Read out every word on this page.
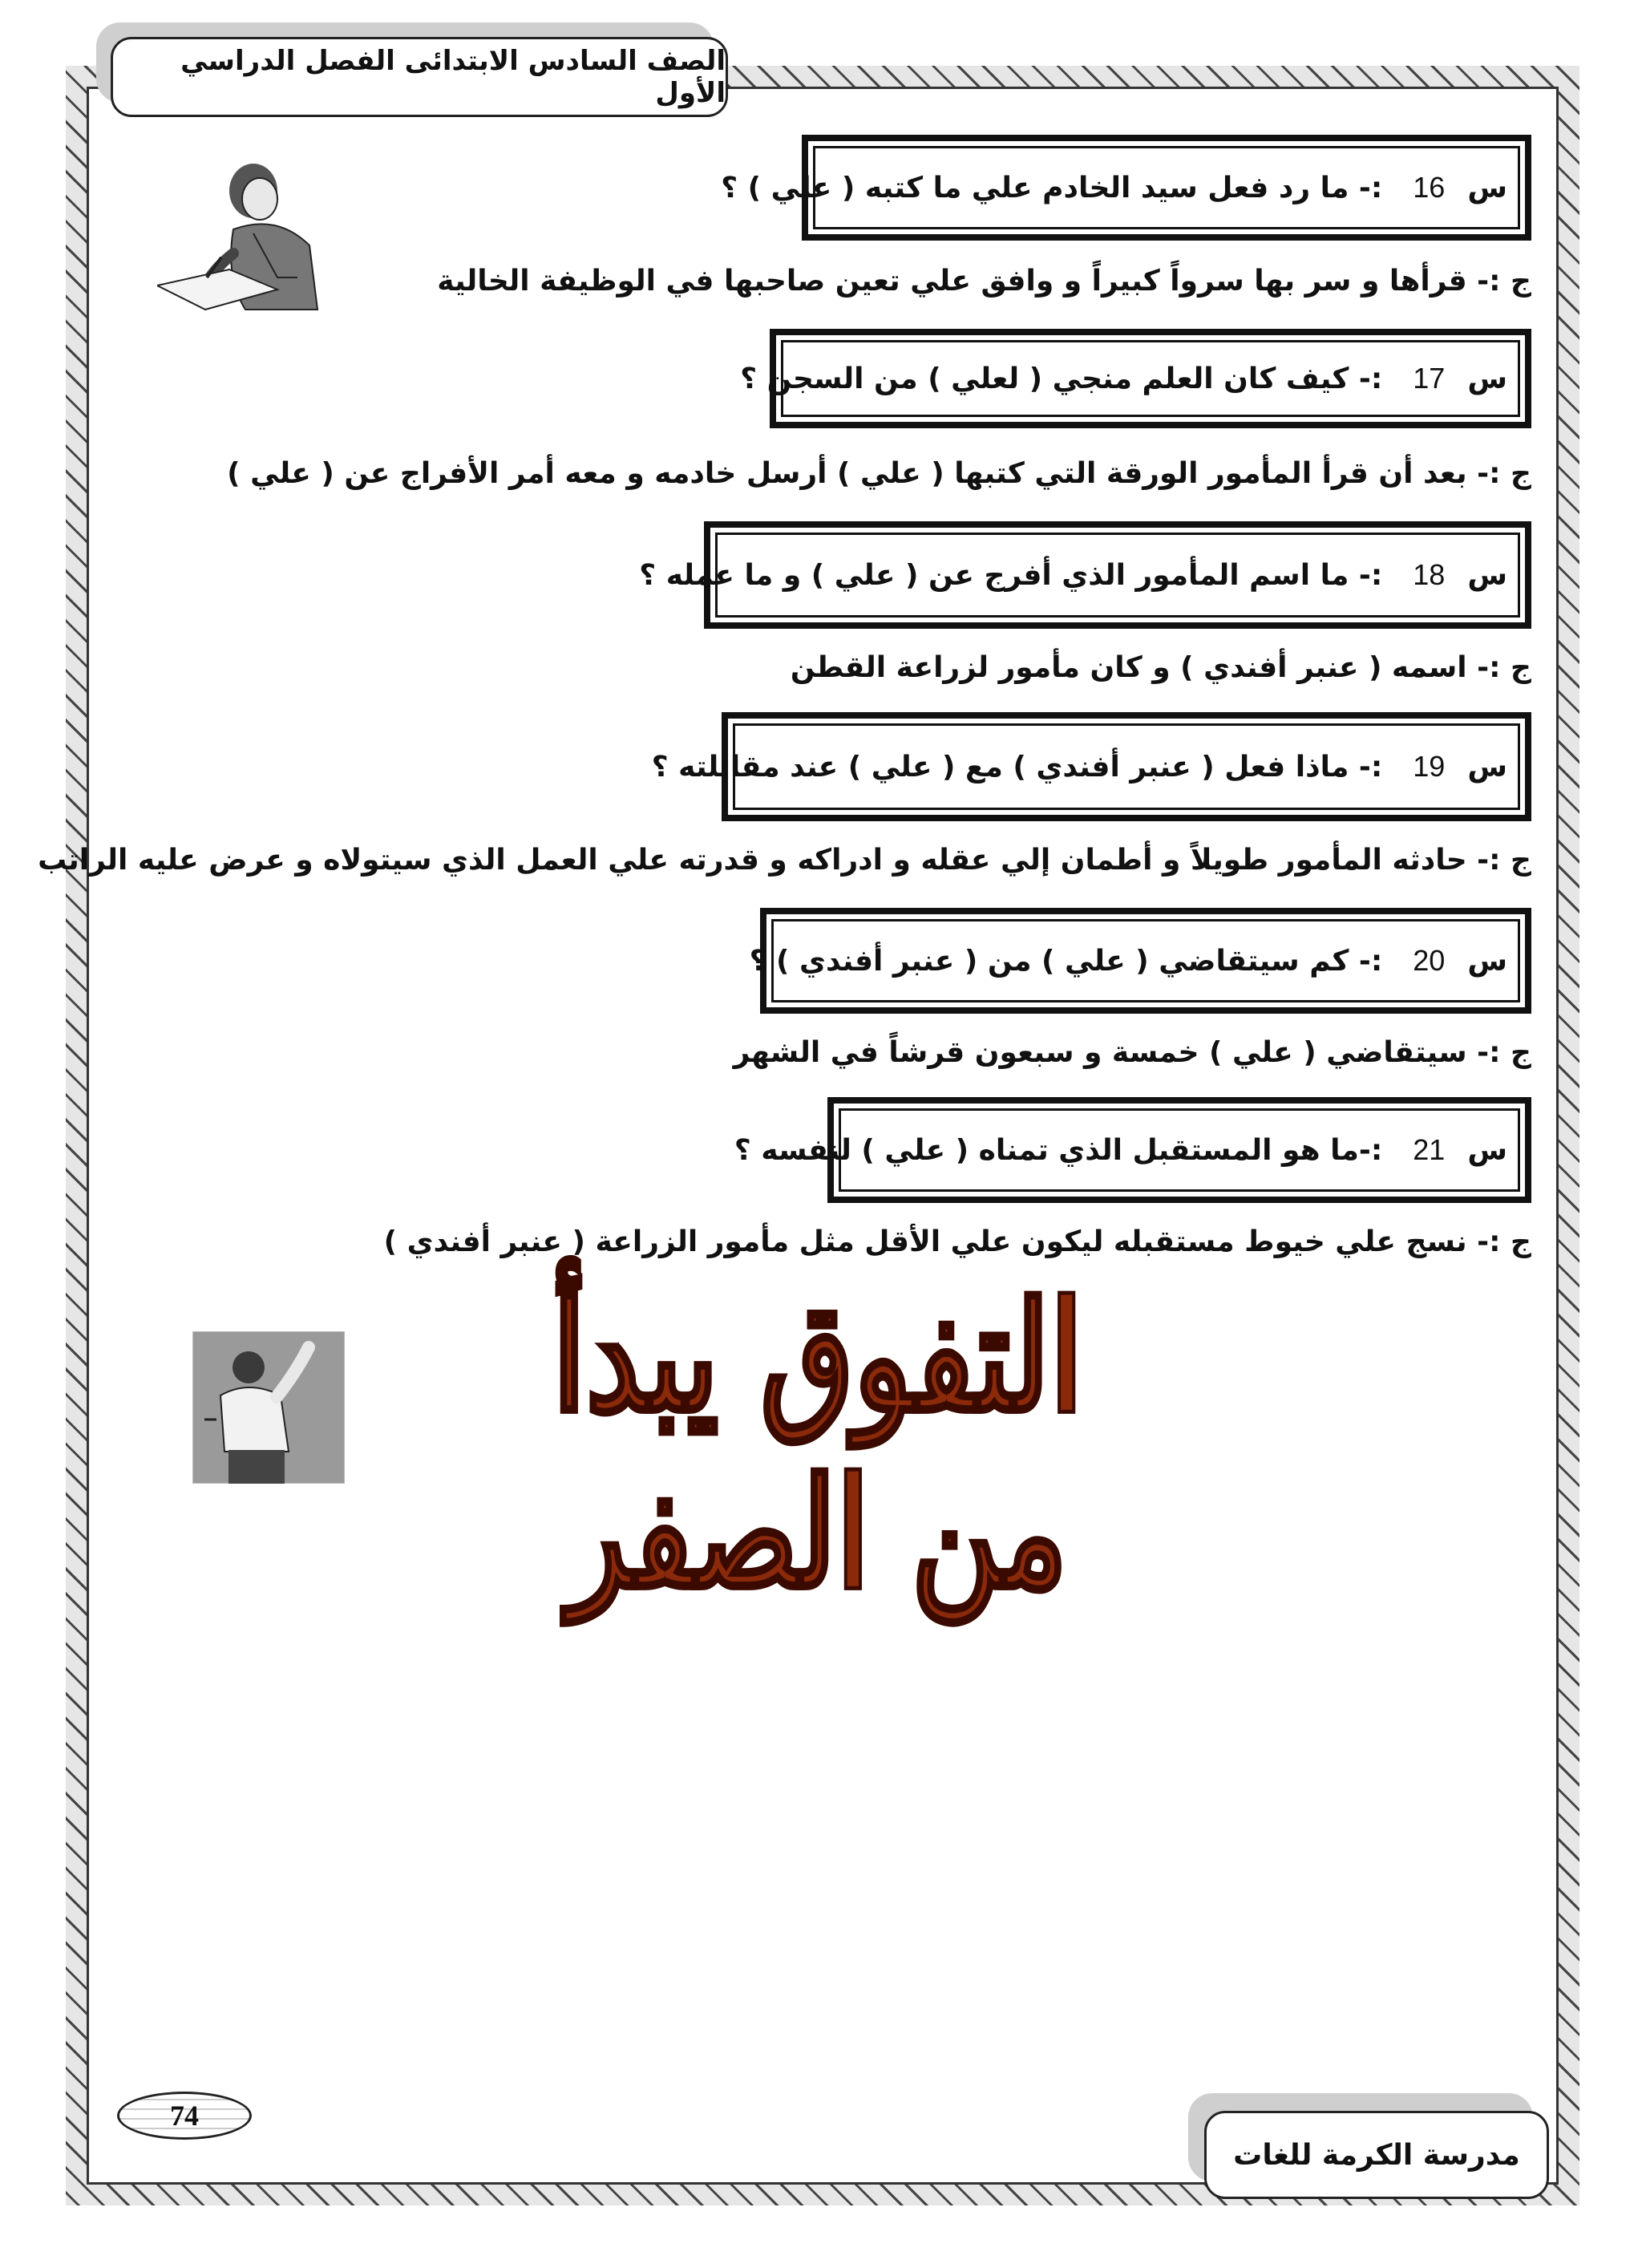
الصف السادس الابتدائى الفصل الدراسي الأول
س
16
:- ما رد فعل سيد الخادم علي ما كتبه ( علي ) ؟
ج :- قرأها و سر بها سرواً كبيراً و وافق علي تعين صاحبها في الوظيفة الخالية
س
17
:- كيف كان العلم منجي ( لعلي ) من السجن ؟
ج :- بعد أن قرأ المأمور الورقة التي كتبها ( علي ) أرسل خادمه و معه أمر الأفراج عن ( علي )
س
18
:- ما اسم المأمور الذي أفرج عن ( علي ) و ما عمله ؟
ج :- اسمه ( عنبر أفندي ) و كان مأمور لزراعة القطن
س
19
:- ماذا فعل ( عنبر أفندي ) مع ( علي ) عند مقابلته ؟
ج :- حادثه المأمور طويلاً و أطمان إلي عقله و ادراكه و قدرته علي العمل الذي سيتولاه و عرض عليه الراتب
س
20
:- كم سيتقاضي ( علي ) من ( عنبر أفندي ) ؟
ج :- سيتقاضي ( علي ) خمسة و سبعون قرشاً في الشهر
س
21
:-ما هو المستقبل الذي تمناه ( علي ) لنفسه ؟
ج :- نسج علي خيوط مستقبله ليكون علي الأقل مثل مأمور الزراعة ( عنبر أفندي )
التفوق يبدأ من الصفر
74
مدرسة الكرمة للغات
